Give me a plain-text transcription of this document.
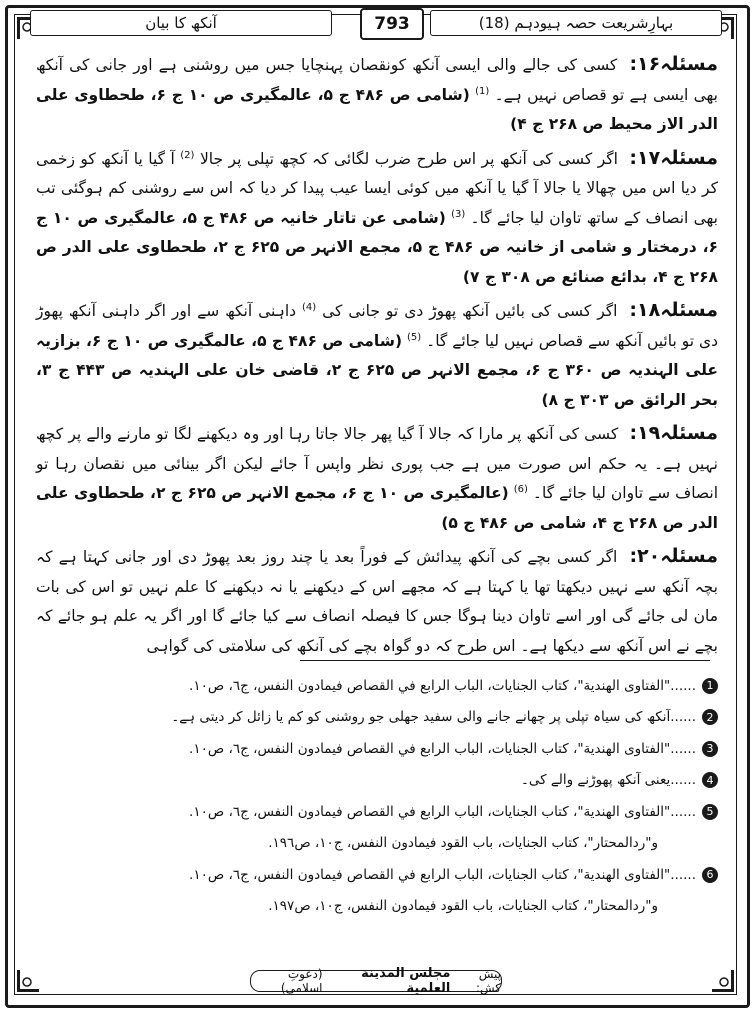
بہارِشریعت حصہ ہیودہم (18)
793
آنکھ کا بیان

مسئلہ۱۶: کسی کی جالے والی ایسی آنکھ کونقصان پہنچایا جس میں روشنی ہے اور جانی کی آنکھ بھی ایسی ہے تو قصاص نہیں ہے۔ $^{(1)}$ (شامی ص ۴۸۶ ج ۵، عالمگیری ص ۱۰ ج ۶، طحطاوی علی الدر الاز محیط ص ۲۶۸ ج ۴)

مسئلہ۱۷: اگر کسی کی آنکھ پر اس طرح ضرب لگائی کہ کچھ تپلی پر جالا $^{(2)}$ آ گیا یا آنکھ کو زخمی کر دیا اس میں چھالا یا جالا آ گیا یا آنکھ میں کوئی ایسا عیب پیدا کر دیا کہ اس سے روشنی کم ہوگئی تب بھی انصاف کے ساتھ تاوان لیا جائے گا۔ $^{(3)}$ (شامی عن تاتار خانیہ ص ۴۸۶ ج ۵، عالمگیری ص ۱۰ ج ۶، درمختار و شامی از خانیہ ص ۴۸۶ ج ۵، مجمع الانہر ص ۶۲۵ ج ۲، طحطاوی علی الدر ص ۲۶۸ ج ۴، بدائع صنائع ص ۳۰۸ ج ۷)

مسئلہ۱۸: اگر کسی کی بائیں آنکھ پھوڑ دی تو جانی کی $^{(4)}$ داہنی آنکھ سے اور اگر داہنی آنکھ پھوڑ دی تو بائیں آنکھ سے قصاص نہیں لیا جائے گا۔ $^{(5)}$ (شامی ص ۴۸۶ ج ۵، عالمگیری ص ۱۰ ج ۶، بزازیہ علی الہندیہ ص ۳۶۰ ج ۶، مجمع الانہر ص ۶۲۵ ج ۲، قاضی خان علی الہندیہ ص ۴۴۳ ج ۳، بحر الرائق ص ۳۰۳ ج ۸)

مسئلہ۱۹: کسی کی آنکھ پر مارا کہ جالا آ گیا پھر جالا جاتا رہا اور وہ دیکھنے لگا تو مارنے والے پر کچھ نہیں ہے۔ یہ حکم اس صورت میں ہے جب پوری نظر واپس آ جائے لیکن اگر بینائی میں نقصان رہا تو انصاف سے تاوان لیا جائے گا۔ $^{(6)}$ (عالمگیری ص ۱۰ ج ۶، مجمع الانہر ص ۶۲۵ ج ۲، طحطاوی علی الدر ص ۲۶۸ ج ۴، شامی ص ۴۸۶ ج ۵)

مسئلہ۲۰: اگر کسی بچے کی آنکھ پیدائش کے فوراً بعد یا چند روز بعد پھوڑ دی اور جانی کہتا ہے کہ بچہ آنکھ سے نہیں دیکھتا تھا یا کہتا ہے کہ مجھے اس کے دیکھنے یا نہ دیکھنے کا علم نہیں تو اس کی بات مان لی جائے گی اور اسے تاوان دینا ہوگا جس کا فیصلہ انصاف سے کیا جائے گا اور اگر یہ علم ہو جائے کہ بچے نے اس آنکھ سے دیکھا ہے۔ اس طرح کہ دو گواہ بچے کی آنکھ کی سلامتی کی گواہی

1
......"الفتاوى الهندية"، كتاب الجنايات، الباب الرابع في القصاص فيمادون النفس، ج٦، ص١٠.
2
......آنکھ کی سیاہ تپلی پر چھانے جانے والی سفید جھلی جو روشنی کو کم یا زائل کر دیتی ہے۔
3
......"الفتاوى الهندية"، كتاب الجنايات، الباب الرابع في القصاص فيمادون النفس، ج٦، ص١٠.
4
......یعنی آنکھ پھوڑنے والے کی۔
5
......"الفتاوى الهندية"، كتاب الجنايات، الباب الرابع في القصاص فيمادون النفس، ج٦، ص١٠.
و"ردالمحتار"، كتاب الجنايات، باب القود فيمادون النفس، ج١٠، ص١٩٦.
6
......"الفتاوى الهندية"، كتاب الجنايات، الباب الرابع في القصاص فيمادون النفس، ج٦، ص١٠.
و"ردالمحتار"، كتاب الجنايات، باب القود فيمادون النفس، ج١٠، ص١٩٧.
پیش کش:
مجلس المدينة العلمية
(دعوتِ اسلامی)
